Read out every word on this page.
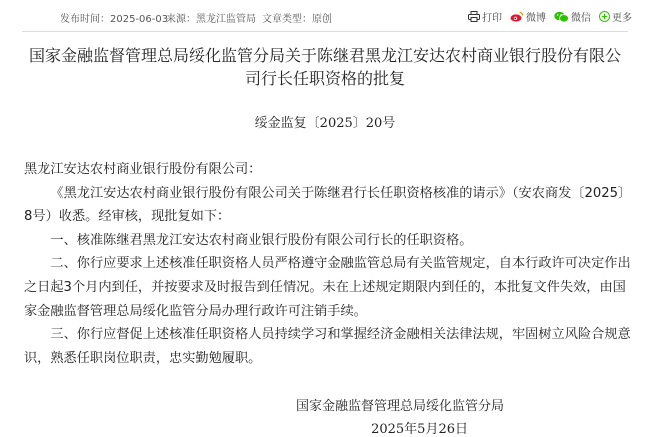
发布时间：2025-06-03
来源：黑龙江监管局 文章类型：原创	打印 微博	微信 更多
国家金融监督管理总局绥化监管分局关于陈继君黑龙江安达农村商业银行股份有限公司行长任职资格的批复
绥金监复〔2025〕20号

黑龙江安达农村商业银行股份有限公司：

《黑龙江安达农村商业银行股份有限公司关于陈继君行长任职资格核准的请示》（安农商发〔2025〕8号）收悉。经审核，现批复如下：

一、核准陈继君黑龙江安达农村商业银行股份有限公司行长的任职资格。

二、你行应要求上述核准任职资格人员严格遵守金融监管总局有关监管规定，自本行政许可决定作出之日起3个月内到任，并按要求及时报告到任情况。未在上述规定期限内到任的，本批复文件失效，由国家金融监督管理总局绥化监管分局办理行政许可注销手续。

三、你行应督促上述核准任职资格人员持续学习和掌握经济金融相关法律法规，牢固树立风险合规意识，熟悉任职岗位职责，忠实勤勉履职。

国家金融监督管理总局绥化监管分局
2025年5月26日
